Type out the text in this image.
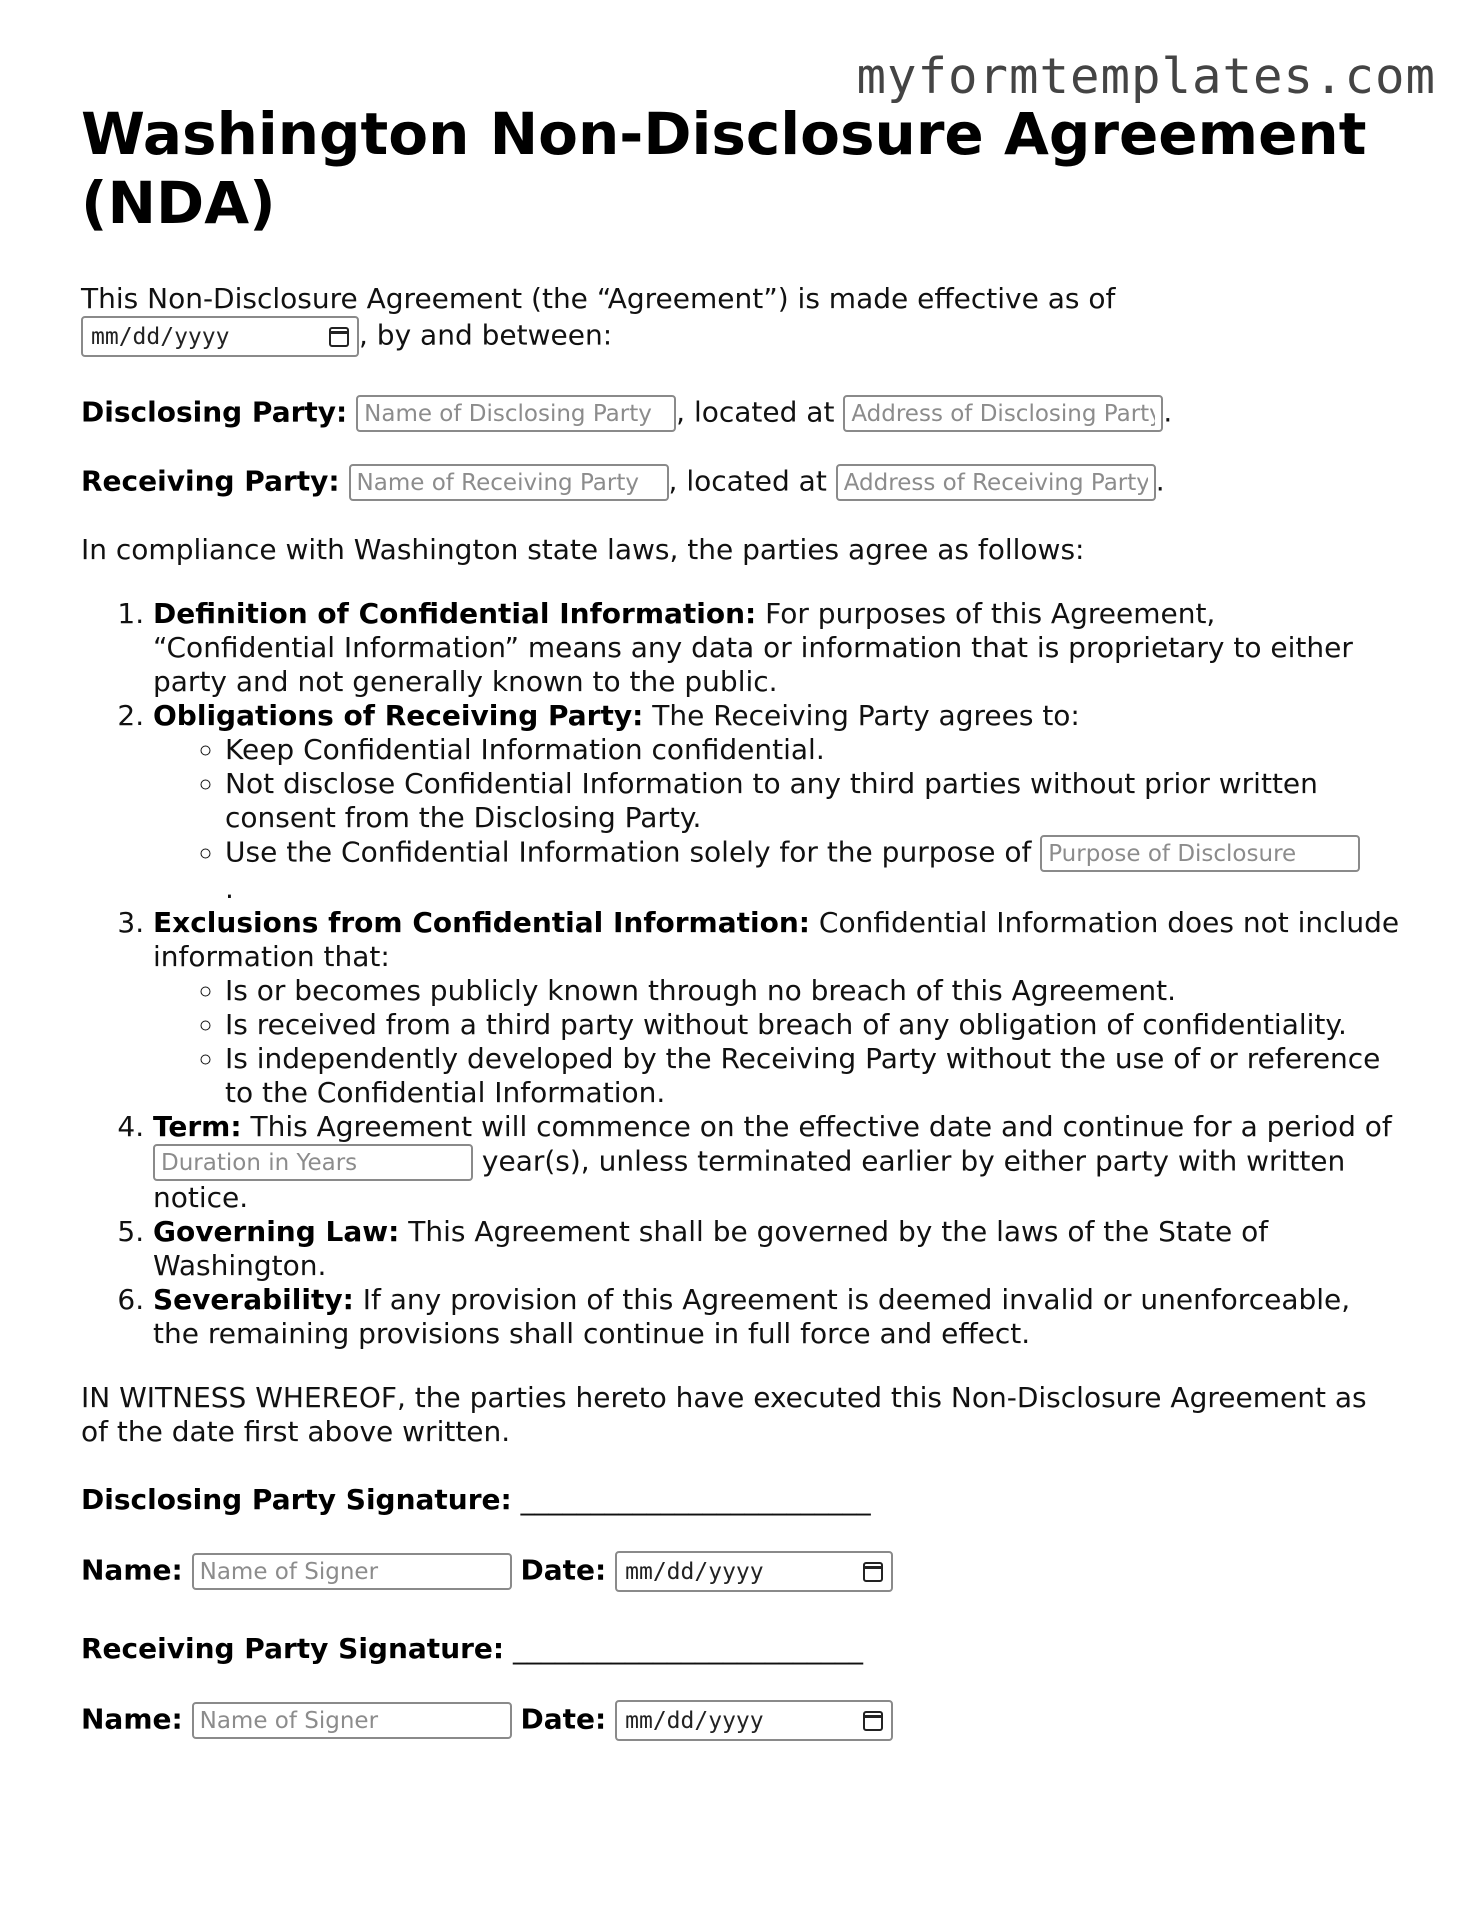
myformtemplates.com
Washington Non-Disclosure Agreement (NDA)

This Non-Disclosure Agreement (the “Agreement”) is made effective as of

mm/dd/yyyy	, by and between:

Disclosing Party: Name of Disclosing Party	, located at Address of Disclosing Party	.

Receiving Party: Name of Receiving Party	, located at Address of Receiving Party	.

In compliance with Washington state laws, the parties agree as follows:

1. Definition of Confidential Information: For purposes of this Agreement, “Confidential Information” means any data or information that is proprietary to either party and not generally known to the public.
2. Obligations of Receiving Party: The Receiving Party agrees to:
◦ Keep Confidential Information confidential.
◦ Not disclose Confidential Information to any third parties without prior written consent from the Disclosing Party.
◦ Use the Confidential Information solely for the purpose of Purpose of Disclosure
.
3. Exclusions from Confidential Information: Confidential Information does not include information that:
◦ Is or becomes publicly known through no breach of this Agreement.
◦ Is received from a third party without breach of any obligation of confidentiality.
◦ Is independently developed by the Receiving Party without the use of or reference to the Confidential Information.
4. Term: This Agreement will commence on the effective date and continue for a period of Duration in Years year(s), unless terminated earlier by either party with written notice.
5. Governing Law: This Agreement shall be governed by the laws of the State of Washington.
6. Severability: If any provision of this Agreement is deemed invalid or unenforceable, the remaining provisions shall continue in full force and effect.

IN WITNESS WHEREOF, the parties hereto have executed this Non-Disclosure Agreement as of the date first above written.

Disclosing Party Signature: _________________________

Name: Name of Signer	Date: mm/dd/yyyy

Receiving Party Signature: _________________________

Name: Name of Signer	Date: mm/dd/yyyy
